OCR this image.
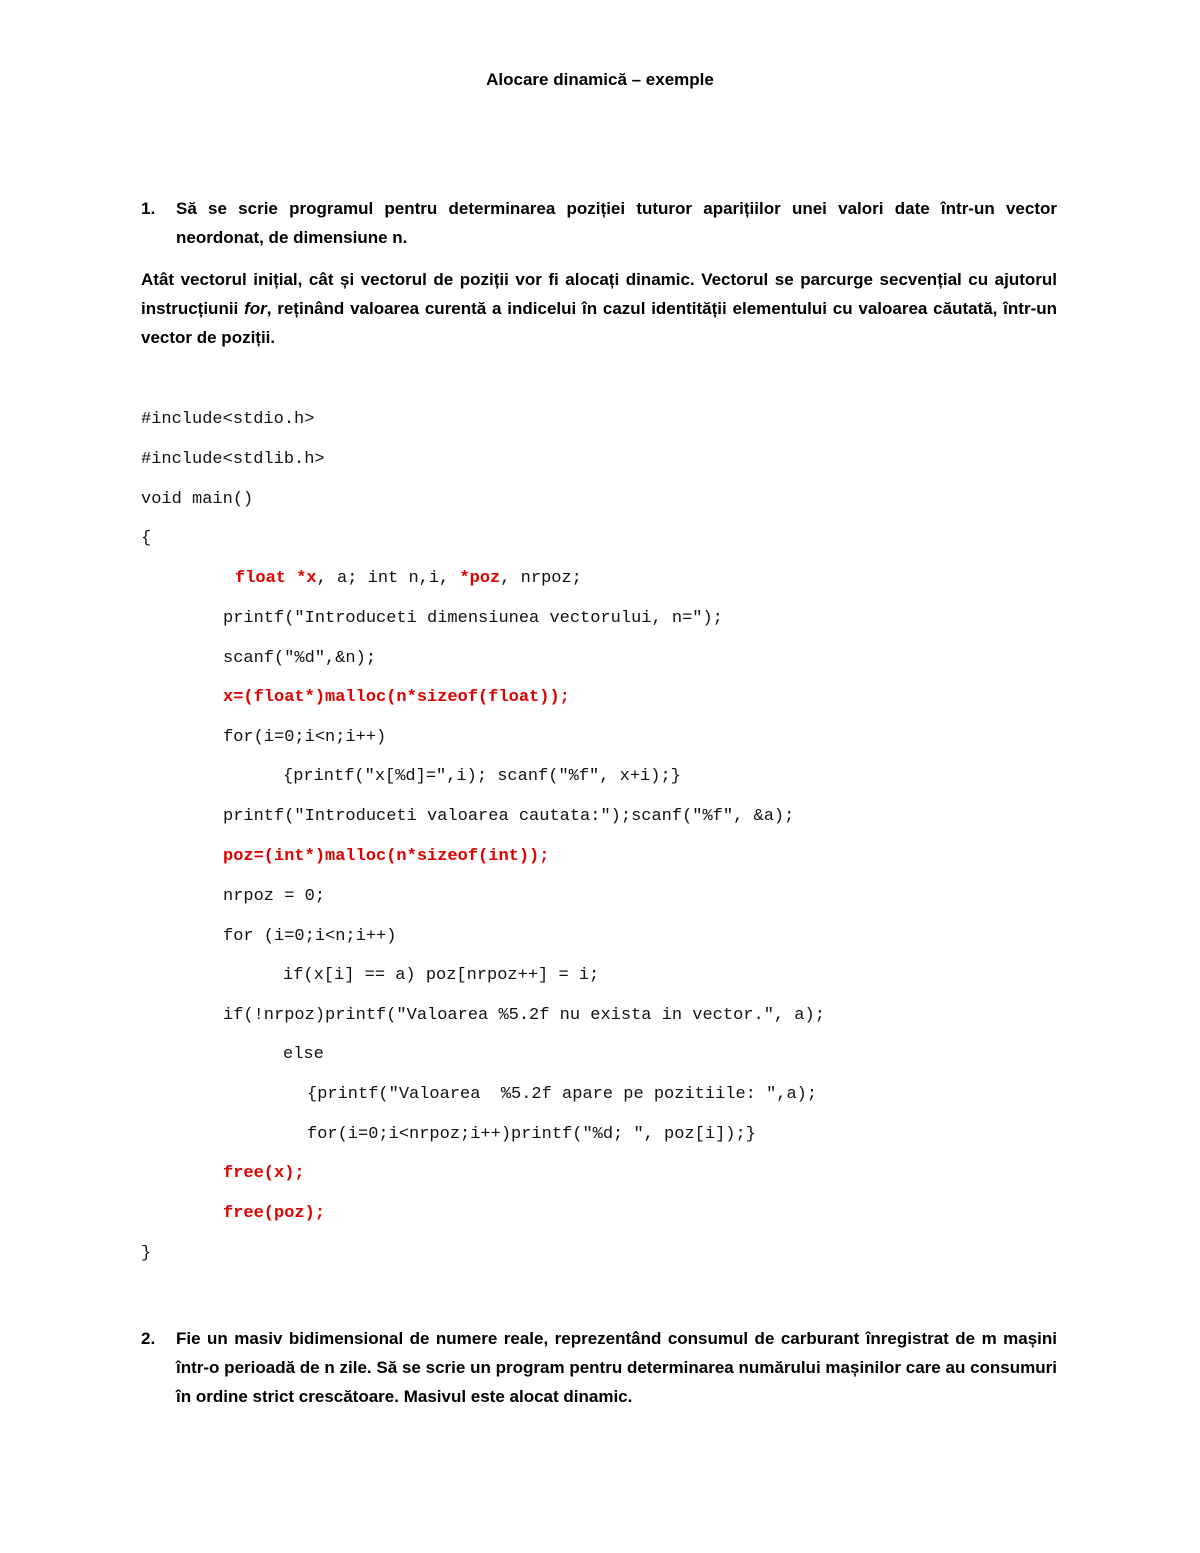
Alocare dinamică – exemple
1. Să se scrie programul pentru determinarea poziției tuturor aparițiilor unei valori date într-un vector neordonat, de dimensiune n.
Atât vectorul inițial, cât și vectorul de poziții vor fi alocați dinamic. Vectorul se parcurge secvențial cu ajutorul instrucțiunii for, reținând valoarea curentă a indicelui în cazul identității elementului cu valoarea căutată, într-un vector de poziții.
#include<stdio.h>
#include<stdlib.h>
void main()
{
float *x, a; int n,i, *poz, nrpoz;
printf("Introduceti dimensiunea vectorului, n=");
scanf("%d",&n);
x=(float*)malloc(n*sizeof(float));
for(i=0;i<n;i++)
{printf("x[%d]=",i); scanf("%f", x+i);}
printf("Introduceti valoarea cautata:");scanf("%f", &a);
poz=(int*)malloc(n*sizeof(int));
nrpoz = 0;
for (i=0;i<n;i++)
if(x[i] == a) poz[nrpoz++] = i;
if(!nrpoz)printf("Valoarea %5.2f nu exista in vector.", a);
else
{printf("Valoarea  %5.2f apare pe pozitiile: ",a);
for(i=0;i<nrpoz;i++)printf("%d; ", poz[i]);}
free(x);
free(poz);
}
2. Fie un masiv bidimensional de numere reale, reprezentând consumul de carburant înregistrat de m mașini într-o perioadă de n zile. Să se scrie un program pentru determinarea numărului mașinilor care au consumuri în ordine strict crescătoare. Masivul este alocat dinamic.
